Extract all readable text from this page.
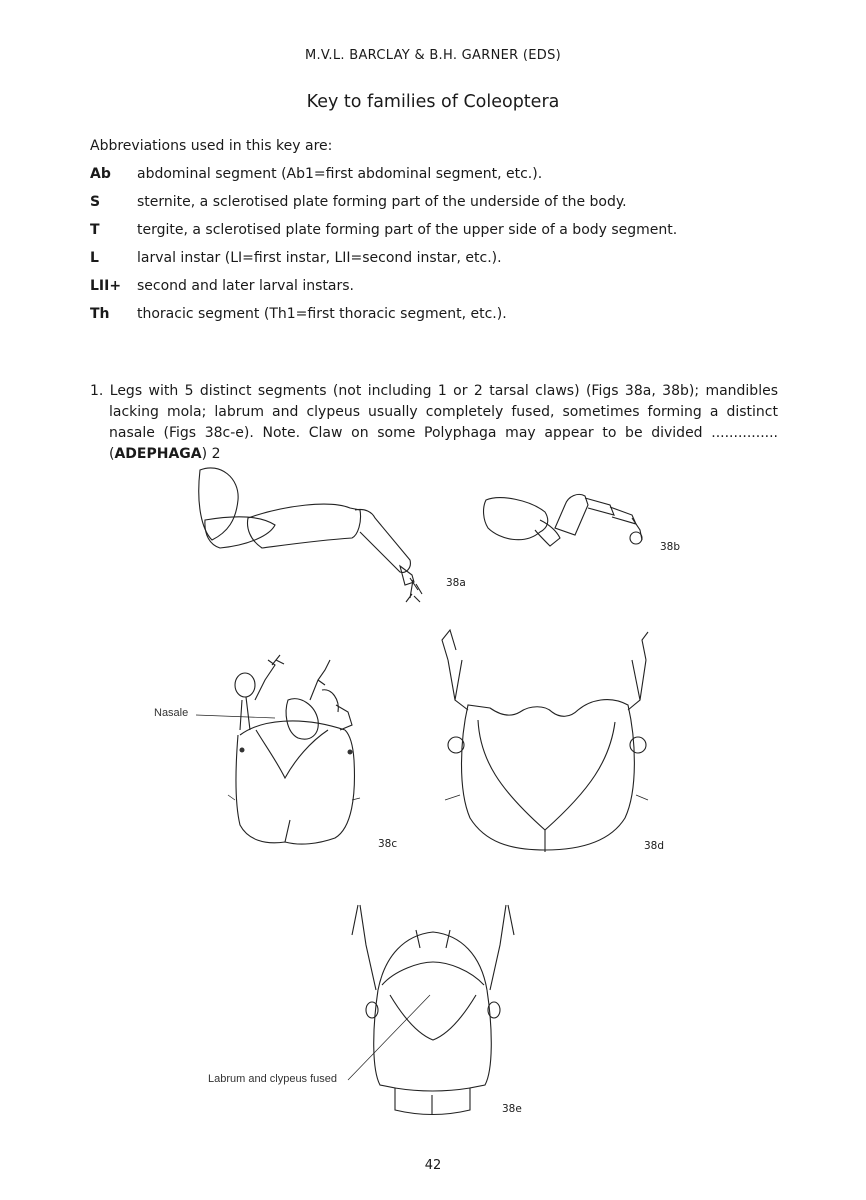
M.V.L. BARCLAY & B.H. GARNER (EDS)
Key to families of Coleoptera
Abbreviations used in this key are:
Ab	abdominal segment (Ab1=first abdominal segment, etc.).
S	sternite, a sclerotised plate forming part of the underside of the body.
T	tergite, a sclerotised plate forming part of the upper side of a body segment.
L	larval instar (LI=first instar, LII=second instar, etc.).
LII+	second and later larval instars.
Th	thoracic segment (Th1=first thoracic segment, etc.).

1. Legs with 5 distinct segments (not including 1 or 2 tarsal claws) (Figs 38a, 38b); mandibles lacking mola; labrum and clypeus usually completely fused, sometimes forming a distinct nasale (Figs 38c-e). Note. Claw on some Polyphaga may appear to be divided ............... (ADEPHAGA) 2

38a
38b
38c	38d
38e
Nasale
Labrum and clypeus fused
42
